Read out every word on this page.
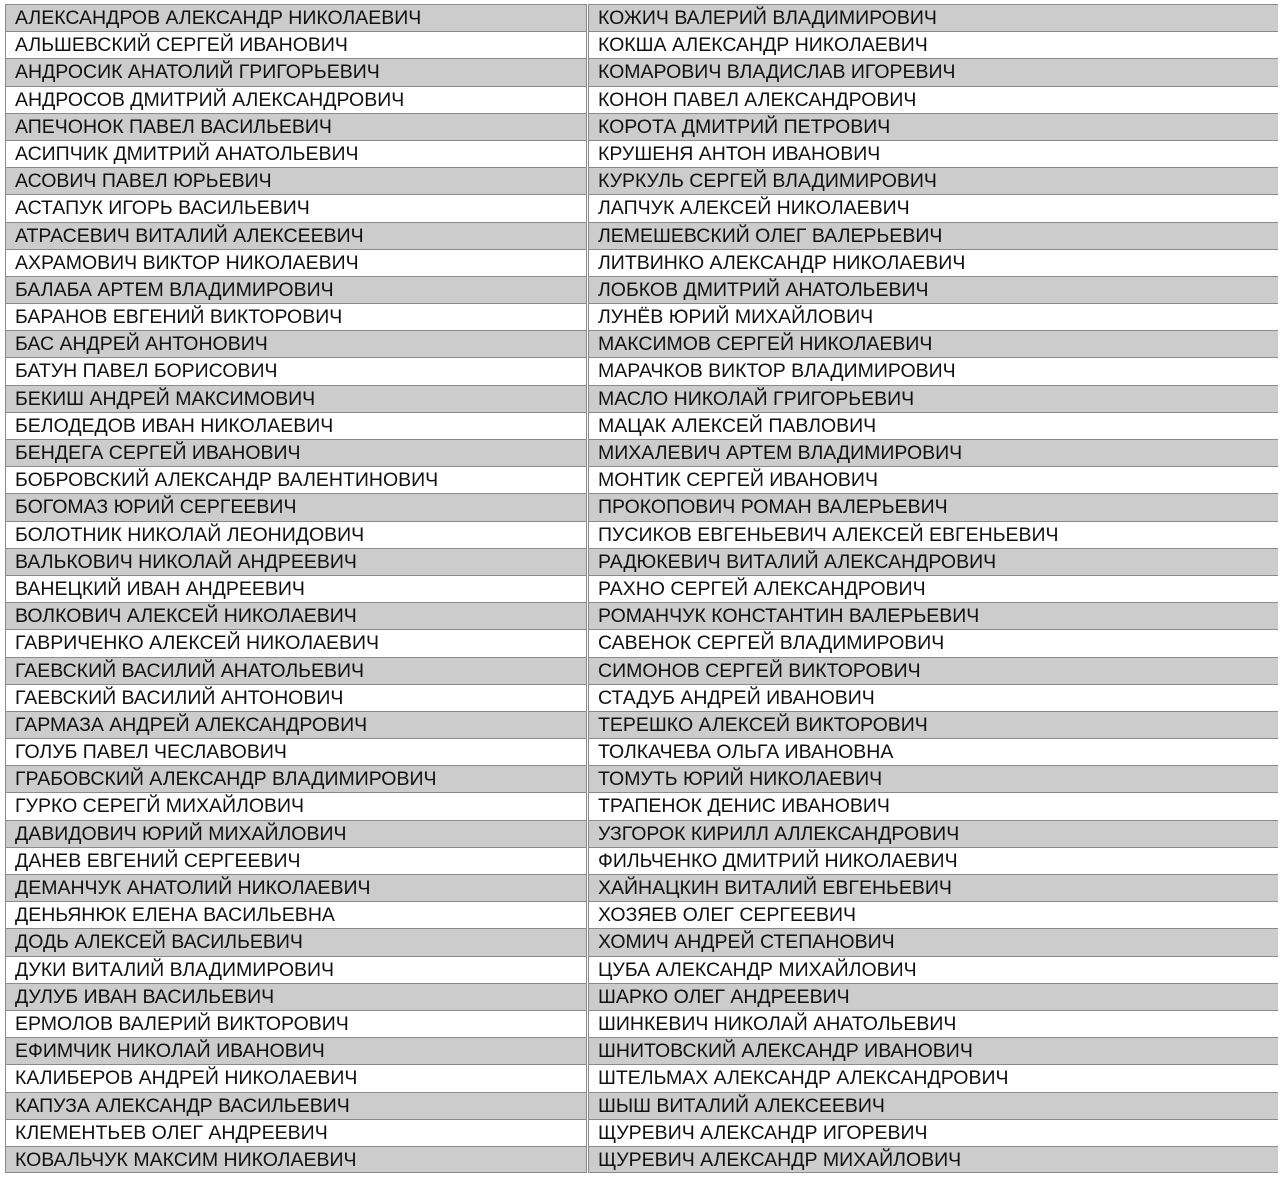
АЛЕКСАНДРОВ АЛЕКСАНДР НИКОЛАЕВИЧ
АЛЬШЕВСКИЙ СЕРГЕЙ ИВАНОВИЧ
АНДРОСИК АНАТОЛИЙ ГРИГОРЬЕВИЧ
АНДРОСОВ ДМИТРИЙ АЛЕКСАНДРОВИЧ
АПЕЧОНОК ПАВЕЛ ВАСИЛЬЕВИЧ
АСИПЧИК ДМИТРИЙ АНАТОЛЬЕВИЧ
АСОВИЧ ПАВЕЛ ЮРЬЕВИЧ
АСТАПУК ИГОРЬ ВАСИЛЬЕВИЧ
АТРАСЕВИЧ ВИТАЛИЙ АЛЕКСЕЕВИЧ
АХРАМОВИЧ ВИКТОР НИКОЛАЕВИЧ
БАЛАБА АРТЕМ ВЛАДИМИРОВИЧ
БАРАНОВ ЕВГЕНИЙ ВИКТОРОВИЧ
БАС АНДРЕЙ АНТОНОВИЧ
БАТУН ПАВЕЛ БОРИСОВИЧ
БЕКИШ АНДРЕЙ МАКСИМОВИЧ
БЕЛОДЕДОВ ИВАН НИКОЛАЕВИЧ
БЕНДЕГА СЕРГЕЙ ИВАНОВИЧ
БОБРОВСКИЙ АЛЕКСАНДР ВАЛЕНТИНОВИЧ
БОГОМАЗ ЮРИЙ СЕРГЕЕВИЧ
БОЛОТНИК НИКОЛАЙ ЛЕОНИДОВИЧ
ВАЛЬКОВИЧ НИКОЛАЙ АНДРЕЕВИЧ
ВАНЕЦКИЙ ИВАН АНДРЕЕВИЧ
ВОЛКОВИЧ АЛЕКСЕЙ НИКОЛАЕВИЧ
ГАВРИЧЕНКО АЛЕКСЕЙ НИКОЛАЕВИЧ
ГАЕВСКИЙ ВАСИЛИЙ АНАТОЛЬЕВИЧ
ГАЕВСКИЙ ВАСИЛИЙ АНТОНОВИЧ
ГАРМАЗА АНДРЕЙ АЛЕКСАНДРОВИЧ
ГОЛУБ ПАВЕЛ ЧЕСЛАВОВИЧ
ГРАБОВСКИЙ АЛЕКСАНДР ВЛАДИМИРОВИЧ
ГУРКО СЕРЕГЙ МИХАЙЛОВИЧ
ДАВИДОВИЧ ЮРИЙ МИХАЙЛОВИЧ
ДАНЕВ ЕВГЕНИЙ СЕРГЕЕВИЧ
ДЕМАНЧУК АНАТОЛИЙ НИКОЛАЕВИЧ
ДЕНЬЯНЮК ЕЛЕНА ВАСИЛЬЕВНА
ДОДЬ АЛЕКСЕЙ ВАСИЛЬЕВИЧ
ДУКИ ВИТАЛИЙ ВЛАДИМИРОВИЧ
ДУЛУБ ИВАН ВАСИЛЬЕВИЧ
ЕРМОЛОВ ВАЛЕРИЙ ВИКТОРОВИЧ
ЕФИМЧИК НИКОЛАЙ ИВАНОВИЧ
КАЛИБЕРОВ АНДРЕЙ НИКОЛАЕВИЧ
КАПУЗА АЛЕКСАНДР ВАСИЛЬЕВИЧ
КЛЕМЕНТЬЕВ ОЛЕГ АНДРЕЕВИЧ
КОВАЛЬЧУК МАКСИМ НИКОЛАЕВИЧ
КОЖИЧ ВАЛЕРИЙ ВЛАДИМИРОВИЧ
КОКША АЛЕКСАНДР НИКОЛАЕВИЧ
КОМАРОВИЧ ВЛАДИСЛАВ ИГОРЕВИЧ
КОНОН ПАВЕЛ АЛЕКСАНДРОВИЧ
КОРОТА ДМИТРИЙ ПЕТРОВИЧ
КРУШЕНЯ АНТОН ИВАНОВИЧ
КУРКУЛЬ СЕРГЕЙ ВЛАДИМИРОВИЧ
ЛАПЧУК АЛЕКСЕЙ НИКОЛАЕВИЧ
ЛЕМЕШЕВСКИЙ ОЛЕГ ВАЛЕРЬЕВИЧ
ЛИТВИНКО АЛЕКСАНДР НИКОЛАЕВИЧ
ЛОБКОВ ДМИТРИЙ АНАТОЛЬЕВИЧ
ЛУНЁВ ЮРИЙ МИХАЙЛОВИЧ
МАКСИМОВ СЕРГЕЙ НИКОЛАЕВИЧ
МАРАЧКОВ ВИКТОР ВЛАДИМИРОВИЧ
МАСЛО НИКОЛАЙ ГРИГОРЬЕВИЧ
МАЦАК АЛЕКСЕЙ ПАВЛОВИЧ
МИХАЛЕВИЧ АРТЕМ ВЛАДИМИРОВИЧ
МОНТИК СЕРГЕЙ ИВАНОВИЧ
ПРОКОПОВИЧ РОМАН ВАЛЕРЬЕВИЧ
ПУСИКОВ ЕВГЕНЬЕВИЧ АЛЕКСЕЙ ЕВГЕНЬЕВИЧ
РАДЮКЕВИЧ ВИТАЛИЙ АЛЕКСАНДРОВИЧ
РАХНО СЕРГЕЙ АЛЕКСАНДРОВИЧ
РОМАНЧУК КОНСТАНТИН ВАЛЕРЬЕВИЧ
САВЕНОК СЕРГЕЙ ВЛАДИМИРОВИЧ
СИМОНОВ СЕРГЕЙ ВИКТОРОВИЧ
СТАДУБ АНДРЕЙ ИВАНОВИЧ
ТЕРЕШКО АЛЕКСЕЙ ВИКТОРОВИЧ
ТОЛКАЧЕВА ОЛЬГА ИВАНОВНА
ТОМУТЬ ЮРИЙ НИКОЛАЕВИЧ
ТРАПЕНОК ДЕНИС ИВАНОВИЧ
УЗГОРОК КИРИЛЛ АЛЛЕКСАНДРОВИЧ
ФИЛЬЧЕНКО ДМИТРИЙ НИКОЛАЕВИЧ
ХАЙНАЦКИН ВИТАЛИЙ ЕВГЕНЬЕВИЧ
ХОЗЯЕВ ОЛЕГ СЕРГЕЕВИЧ
ХОМИЧ АНДРЕЙ СТЕПАНОВИЧ
ЦУБА АЛЕКСАНДР МИХАЙЛОВИЧ
ШАРКО ОЛЕГ АНДРЕЕВИЧ
ШИНКЕВИЧ НИКОЛАЙ АНАТОЛЬЕВИЧ
ШНИТОВСКИЙ АЛЕКСАНДР ИВАНОВИЧ
ШТЕЛЬМАХ АЛЕКСАНДР АЛЕКСАНДРОВИЧ
ШЫШ ВИТАЛИЙ АЛЕКСЕЕВИЧ
ЩУРЕВИЧ АЛЕКСАНДР ИГОРЕВИЧ
ЩУРЕВИЧ АЛЕКСАНДР МИХАЙЛОВИЧ
